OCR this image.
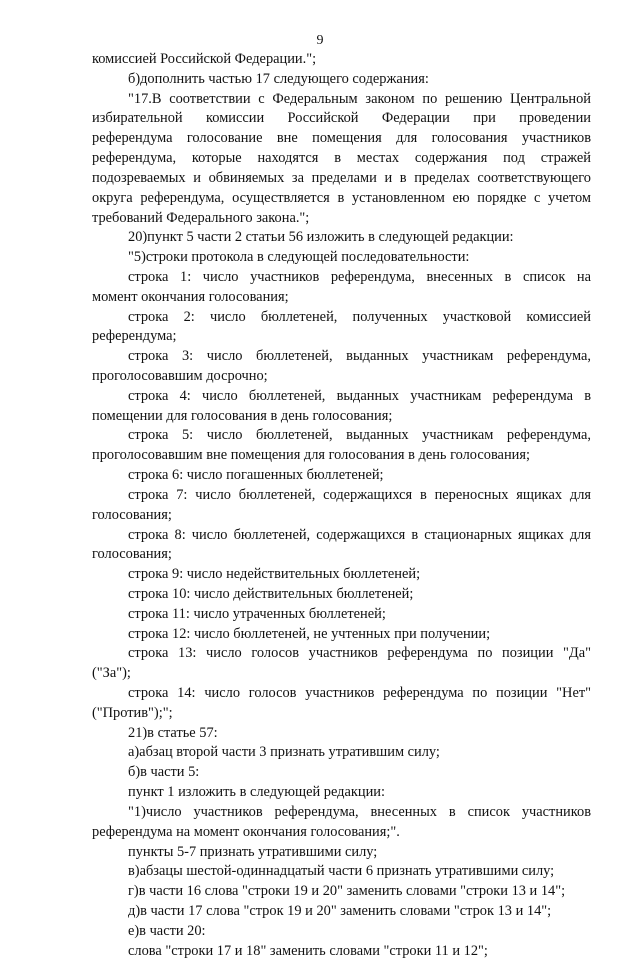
9
комиссией Российской Федерации.";
б)дополнить частью 17 следующего содержания:
"17.В соответствии с Федеральным законом по решению Центральной
избирательной комиссии Российской Федерации при проведении
референдума голосование вне помещения для голосования участников
референдума, которые находятся в местах содержания под стражей
подозреваемых и обвиняемых за пределами и в пределах соответствующего
округа референдума, осуществляется в установленном ею порядке с учетом
требований Федерального закона.";
20)пункт 5 части 2 статьи 56 изложить в следующей редакции:
"5)строки протокола в следующей последовательности:
строка 1: число участников референдума, внесенных в список на
момент окончания голосования;
строка 2: число бюллетеней, полученных участковой комиссией
референдума;
строка 3: число бюллетеней, выданных участникам референдума,
проголосовавшим досрочно;
строка 4: число бюллетеней, выданных участникам референдума в
помещении для голосования в день голосования;
строка 5: число бюллетеней, выданных участникам референдума,
проголосовавшим вне помещения для голосования в день голосования;
строка 6: число погашенных бюллетеней;
строка 7: число бюллетеней, содержащихся в переносных ящиках для
голосования;
строка 8: число бюллетеней, содержащихся в стационарных ящиках для
голосования;
строка 9: число недействительных бюллетеней;
строка 10: число действительных бюллетеней;
строка 11: число утраченных бюллетеней;
строка 12: число бюллетеней, не учтенных при получении;
строка 13: число голосов участников референдума по позиции "Да"
("За");
строка 14: число голосов участников референдума по позиции "Нет"
("Против");";
21)в статье 57:
а)абзац второй части 3 признать утратившим силу;
б)в части 5:
пункт 1 изложить в следующей редакции:
"1)число участников референдума, внесенных в список участников
референдума на момент окончания голосования;".
пункты 5-7 признать утратившими силу;
в)абзацы шестой-одиннадцатый части 6 признать утратившими силу;
г)в части 16 слова "строки 19 и 20" заменить словами "строки 13 и 14";
д)в части 17 слова "строк 19 и 20" заменить словами "строк 13 и 14";
е)в части 20:
слова "строки 17 и 18" заменить словами "строки 11 и 12";
